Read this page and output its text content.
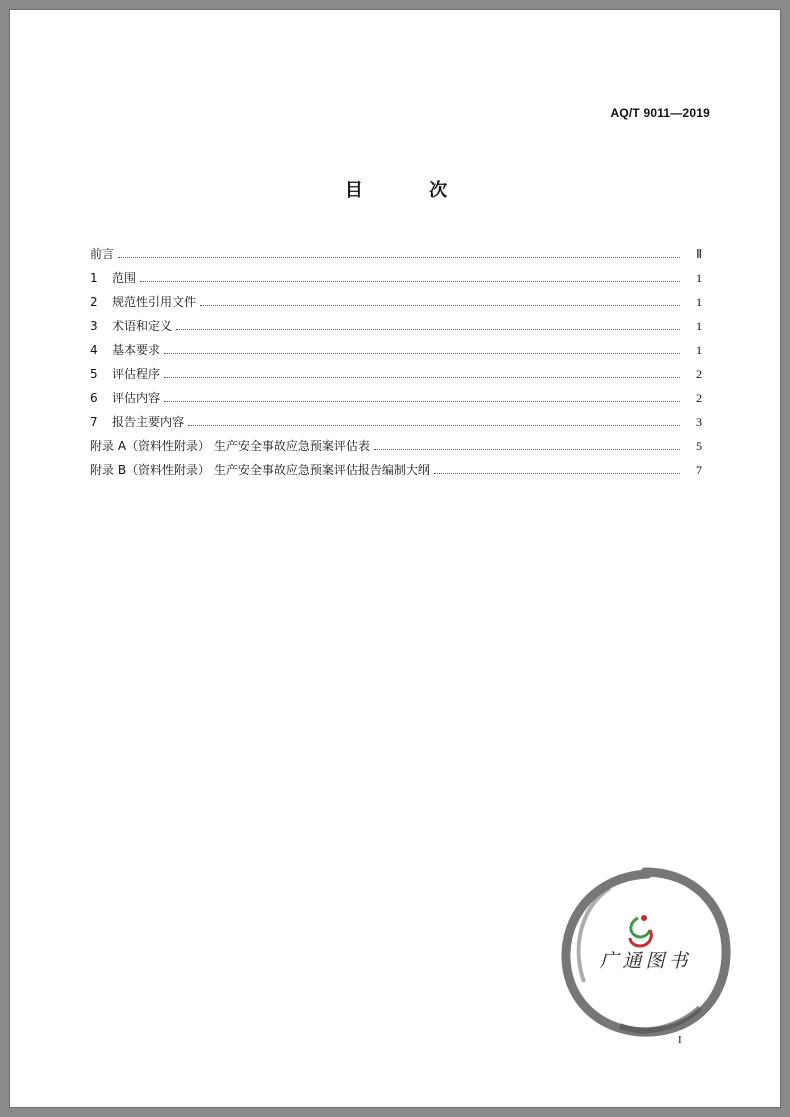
AQ/T 9011—2019
目 次
前言	Ⅱ
1 范围	1
2 规范性引用文件	1
3 术语和定义	1
4 基本要求	1
5 评估程序	2
6 评估内容	2
7 报告主要内容	3
附录 A（资料性附录） 生产安全事故应急预案评估表	5
附录 B（资料性附录） 生产安全事故应急预案评估报告编制大纲	7
广通图书
I
